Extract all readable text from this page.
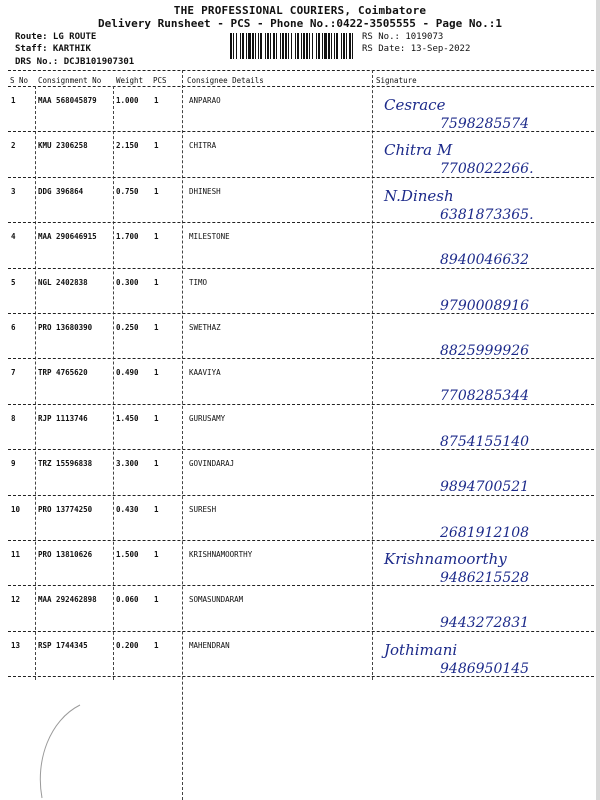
THE PROFESSIONAL COURIERS, Coimbatore
Delivery Runsheet - PCS - Phone No.:0422-3505555 - Page No.:1
Route: LG ROUTE
Staff: KARTHIK
DRS No.: DCJB101907301
RS No.: 1019073
RS Date: 13-Sep-2022
S No Consignment No Weight PCS	Consignee Details	Signature
1	MAA 568045879	1.000 1	ANPARAO	Cesrace
7598285574
2	KMU 2306258	2.150 1	CHITRA	Chitra M
7708022266.
3	DDG 396864	0.750 1	DHINESH	N.Dinesh
6381873365.
4	MAA 290646915	1.700 1	MILESTONE
8940046632
5	NGL 2402838	0.300 1	TIMO
9790008916
6	PRO 13680390	0.250 1	SWETHAZ
8825999926
7	TRP 4765620	0.490 1	KAAVIYA
7708285344
8	RJP 1113746	1.450 1	GURUSAMY
8754155140
9	TRZ 15596838	3.300 1	GOVINDARAJ
9894700521
10 PRO 13774250	0.430 1	SURESH
2681912108
11 PRO 13810626	1.500 1	KRISHNAMOORTHY	Krishnamoorthy
9486215528
12 MAA 292462898	0.060 1	SOMASUNDARAM
9443272831
13 RSP 1744345	0.200 1	MAHENDRAN	Jothimani
9486950145
